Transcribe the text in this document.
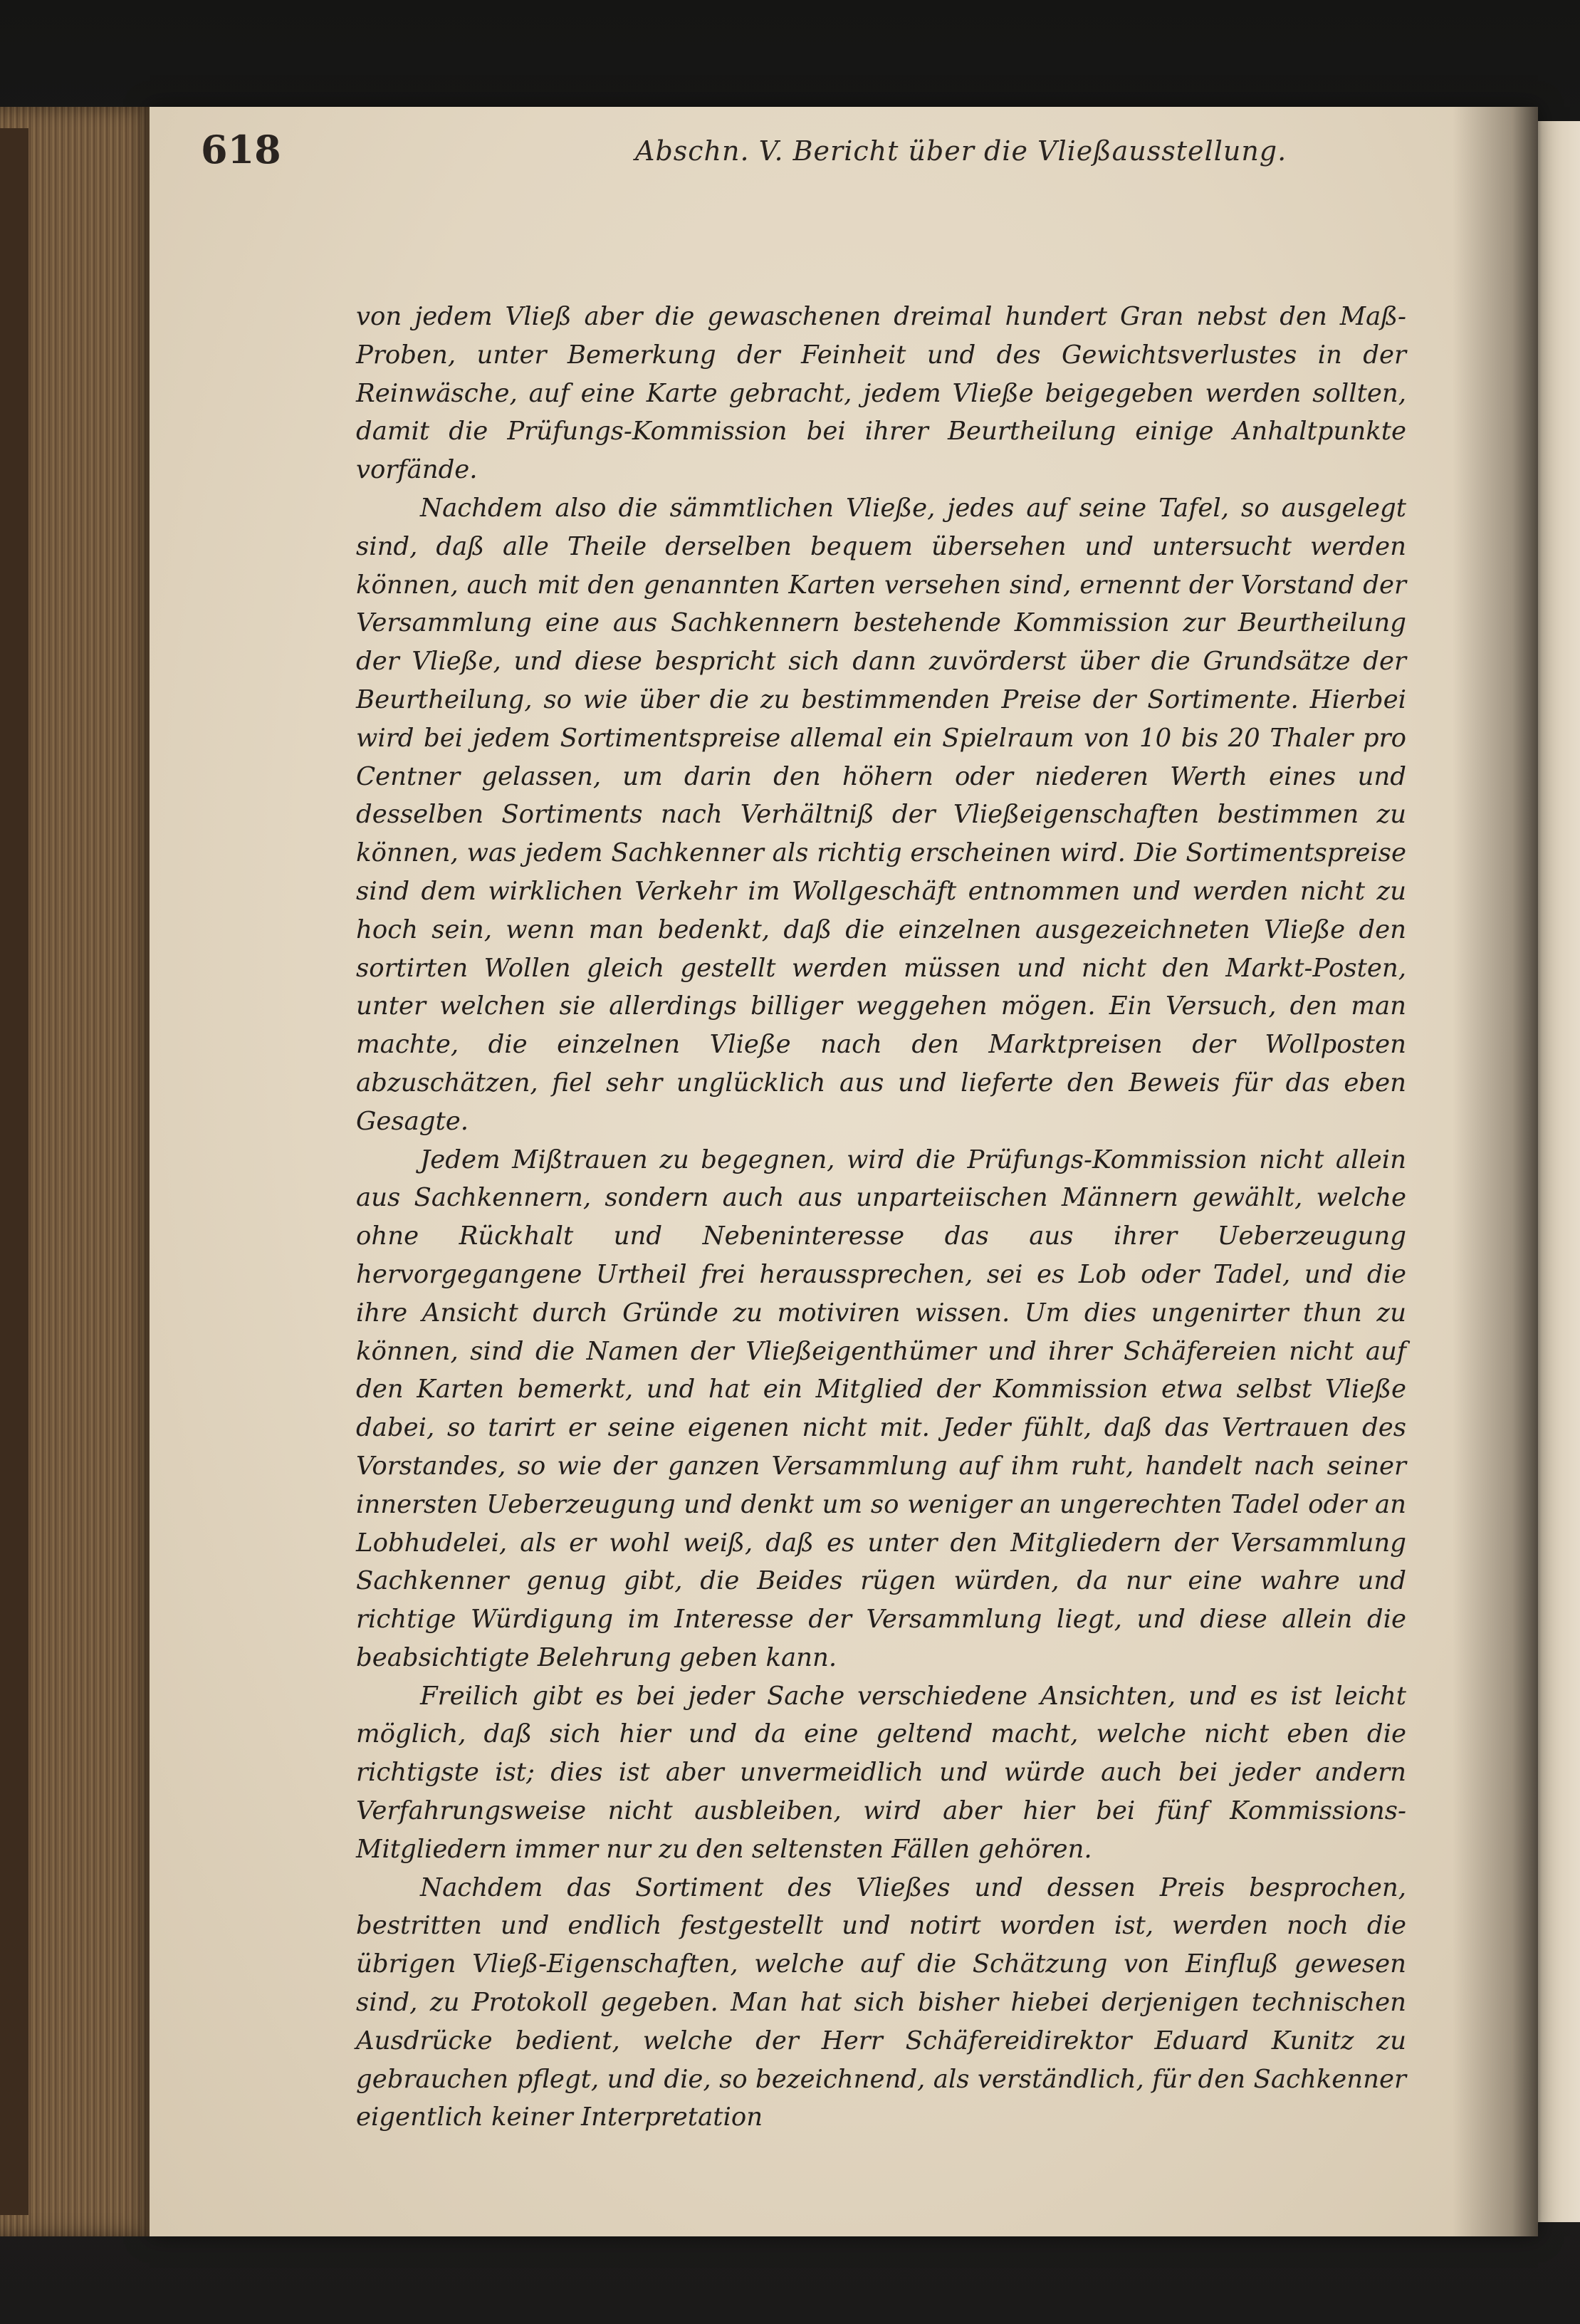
618	Abschn. V. Bericht über die Vließausstellung.

von jedem Vließ aber die gewaschenen dreimal hundert Gran nebst den Maß-Proben, unter Bemerkung der Feinheit und des Gewichtsverlustes in der Reinwäsche, auf eine Karte gebracht, jedem Vließe beigegeben werden sollten, damit die Prüfungs-Kommission bei ihrer Beurtheilung einige Anhaltpunkte vorfände.

Nachdem also die sämmtlichen Vließe, jedes auf seine Tafel, so ausgelegt sind, daß alle Theile derselben bequem übersehen und untersucht werden können, auch mit den genannten Karten versehen sind, ernennt der Vorstand der Versammlung eine aus Sachkennern bestehende Kommission zur Beurtheilung der Vließe, und diese bespricht sich dann zuvörderst über die Grundsätze der Beurtheilung, so wie über die zu bestimmenden Preise der Sortimente. Hierbei wird bei jedem Sortimentspreise allemal ein Spielraum von 10 bis 20 Thaler pro Centner gelassen, um darin den höhern oder niederen Werth eines und desselben Sortiments nach Verhältniß der Vließeigenschaften bestimmen zu können, was jedem Sachkenner als richtig erscheinen wird. Die Sortimentspreise sind dem wirklichen Verkehr im Wollgeschäft entnommen und werden nicht zu hoch sein, wenn man bedenkt, daß die einzelnen ausgezeichneten Vließe den sortirten Wollen gleich gestellt werden müssen und nicht den Markt-Posten, unter welchen sie allerdings billiger weggehen mögen. Ein Versuch, den man machte, die einzelnen Vließe nach den Marktpreisen der Wollposten abzuschätzen, fiel sehr unglücklich aus und lieferte den Beweis für das eben Gesagte.

Jedem Mißtrauen zu begegnen, wird die Prüfungs-Kommission nicht allein aus Sachkennern, sondern auch aus unparteiischen Männern gewählt, welche ohne Rückhalt und Nebeninteresse das aus ihrer Ueberzeugung hervorgegangene Urtheil frei heraussprechen, sei es Lob oder Tadel, und die ihre Ansicht durch Gründe zu motiviren wissen. Um dies ungenirter thun zu können, sind die Namen der Vließeigenthümer und ihrer Schäfereien nicht auf den Karten bemerkt, und hat ein Mitglied der Kommission etwa selbst Vließe dabei, so tarirt er seine eigenen nicht mit. Jeder fühlt, daß das Vertrauen des Vorstandes, so wie der ganzen Versammlung auf ihm ruht, handelt nach seiner innersten Ueberzeugung und denkt um so weniger an ungerechten Tadel oder an Lobhudelei, als er wohl weiß, daß es unter den Mitgliedern der Versammlung Sachkenner genug gibt, die Beides rügen würden, da nur eine wahre und richtige Würdigung im Interesse der Versammlung liegt, und diese allein die beabsichtigte Belehrung geben kann.

Freilich gibt es bei jeder Sache verschiedene Ansichten, und es ist leicht möglich, daß sich hier und da eine geltend macht, welche nicht eben die richtigste ist; dies ist aber unvermeidlich und würde auch bei jeder andern Verfahrungsweise nicht ausbleiben, wird aber hier bei fünf Kommissions-Mitgliedern immer nur zu den seltensten Fällen gehören.

Nachdem das Sortiment des Vließes und dessen Preis besprochen, bestritten und endlich festgestellt und notirt worden ist, werden noch die übrigen Vließ-Eigenschaften, welche auf die Schätzung von Einfluß gewesen sind, zu Protokoll gegeben. Man hat sich bisher hiebei derjenigen technischen Ausdrücke bedient, welche der Herr Schäfereidirektor Eduard Kunitz zu gebrauchen pflegt, und die, so bezeichnend, als verständlich, für den Sachkenner eigentlich keiner Interpretation
